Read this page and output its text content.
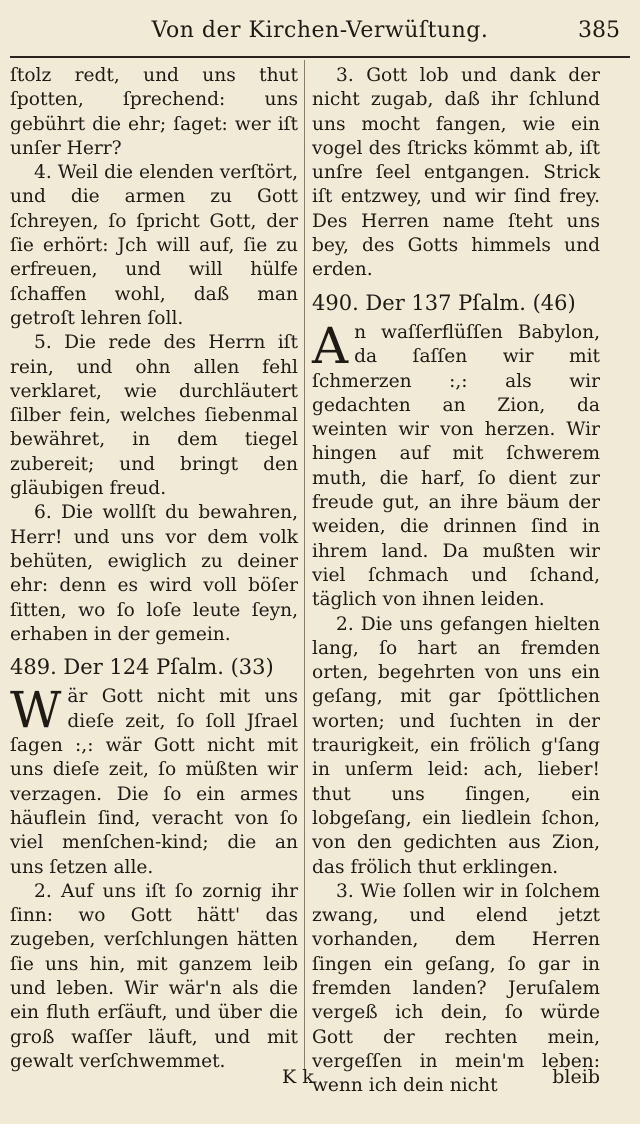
Von der Kirchen-Verwüſtung.	385

ſtolz redt, und uns thut ſpotten, ſprechend: uns gebührt die ehr; ſaget: wer iſt unſer Herr?

4. Weil die elenden verſtört, und die armen zu Gott ſchreyen, ſo ſpricht Gott, der ſie erhört: Jch will auf, ſie zu erfreuen, und will hülfe ſchaffen wohl, daß man getroſt lehren ſoll.

5. Die rede des Herrn iſt rein, und ohn allen fehl verklaret, wie durchläutert ſilber fein, welches ſiebenmal bewähret, in dem tiegel zubereit; und bringt den gläubigen freud.

6. Die wollſt du bewahren, Herr! und uns vor dem volk behüten, ewiglich zu deiner ehr: denn es wird voll böſer ſitten, wo ſo loſe leute ſeyn, erhaben in der gemein.

489. Der 124 Pſalm. (33)

Wär Gott nicht mit uns dieſe zeit, ſo ſoll Jſrael ſagen :,: wär Gott nicht mit uns dieſe zeit, ſo müßten wir verzagen. Die ſo ein armes häuflein ſind, veracht von ſo viel menſchen-kind; die an uns ſetzen alle.

2. Auf uns iſt ſo zornig ihr ſinn: wo Gott hätt' das zugeben, verſchlungen hätten ſie uns hin, mit ganzem leib und leben. Wir wär'n als die ein fluth erſäuft, und über die groß waſſer läuft, und mit gewalt verſchwemmet.

3. Gott lob und dank der nicht zugab, daß ihr ſchlund uns mocht fangen, wie ein vogel des ſtricks kömmt ab, iſt unſre ſeel entgangen. Strick iſt entzwey, und wir ſind frey. Des Herren name ſteht uns bey, des Gotts himmels und erden.

490. Der 137 Pſalm. (46)

An waſſerflüſſen Babylon, da ſaſſen wir mit ſchmerzen :,: als wir gedachten an Zion, da weinten wir von herzen. Wir hingen auf mit ſchwerem muth, die harf, ſo dient zur freude gut, an ihre bäum der weiden, die drinnen ſind in ihrem land. Da mußten wir viel ſchmach und ſchand, täglich von ihnen leiden.

2. Die uns gefangen hielten lang, ſo hart an fremden orten, begehrten von uns ein geſang, mit gar ſpöttlichen worten; und ſuchten in der traurigkeit, ein frölich g'ſang in unſerm leid: ach, lieber! thut uns ſingen, ein lobgeſang, ein liedlein ſchon, von den gedichten aus Zion, das frölich thut erklingen.

3. Wie ſollen wir in ſolchem zwang, und elend jetzt vorhanden, dem Herren ſingen ein geſang, ſo gar in fremden landen? Jeruſalem vergeß ich dein, ſo würde Gott der rechten mein, vergeſſen in mein'm leben: wenn ich dein nicht

K k	bleib
